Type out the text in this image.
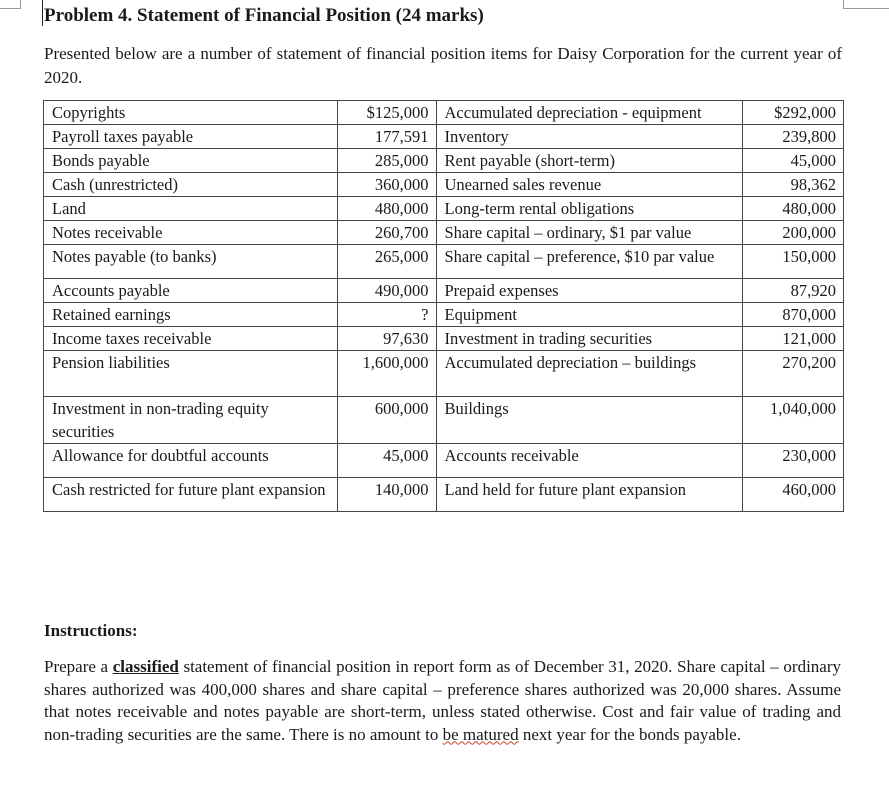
Problem 4. Statement of Financial Position (24 marks)
Presented below are a number of statement of financial position items for Daisy Corporation for the current year of 2020.
Copyrights	$125,000	Accumulated depreciation - equipment	$292,000
Payroll taxes payable	177,591	Inventory	239,800
Bonds payable	285,000	Rent payable (short-term)	45,000
Cash (unrestricted)	360,000	Unearned sales revenue	98,362
Land	480,000	Long-term rental obligations	480,000
Notes receivable	260,700	Share capital – ordinary, $1 par value	200,000
Notes payable (to banks)	265,000	Share capital – preference, $10 par value	150,000
Accounts payable	490,000	Prepaid expenses	87,920
Retained earnings	?	Equipment	870,000
Income taxes receivable	97,630	Investment in trading securities	121,000
Pension liabilities	1,600,000	Accumulated depreciation – buildings	270,200
Investment in non-trading equity securities	600,000	Buildings	1,040,000
Allowance for doubtful accounts	45,000	Accounts receivable	230,000
Cash restricted for future plant expansion	140,000	Land held for future plant expansion	460,000
Instructions:
Prepare a classified statement of financial position in report form as of December 31, 2020. Share capital – ordinary shares authorized was 400,000 shares and share capital – preference shares authorized was 20,000 shares. Assume that notes receivable and notes payable are short-term, unless stated otherwise. Cost and fair value of trading and non-trading securities are the same. There is no amount to be matured next year for the bonds payable.
